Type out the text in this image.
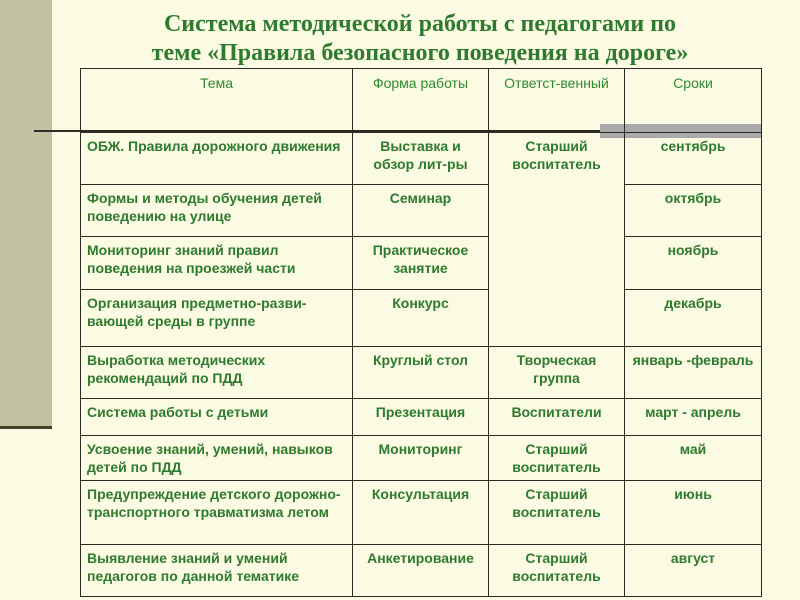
Система методической работы с педагогами по
теме «Правила безопасного поведения на дороге»
Тема	Форма работы	Ответст-венный	Сроки
ОБЖ. Правила дорожного движения	Выставка и обзор лит-ры	Старший воспитатель	сентябрь
Формы и методы обучения детей поведению на улице	Семинар		октябрь
Мониторинг знаний правил поведения на проезжей части	Практическое занятие		ноябрь
Организация предметно-разви-вающей среды в группе	Конкурс		декабрь
Выработка методических рекомендаций по ПДД	Круглый стол	Творческая группа	январь -февраль
Система работы с детьми	Презентация	Воспитатели	март - апрель
Усвоение знаний, умений, навыков детей по ПДД	Мониторинг	Старший воспитатель	май
Предупреждение детского дорожно-транспортного травматизма летом	Консультация	Старший воспитатель	июнь
Выявление знаний и умений педагогов по данной тематике	Анкетирование	Старший воспитатель	август
